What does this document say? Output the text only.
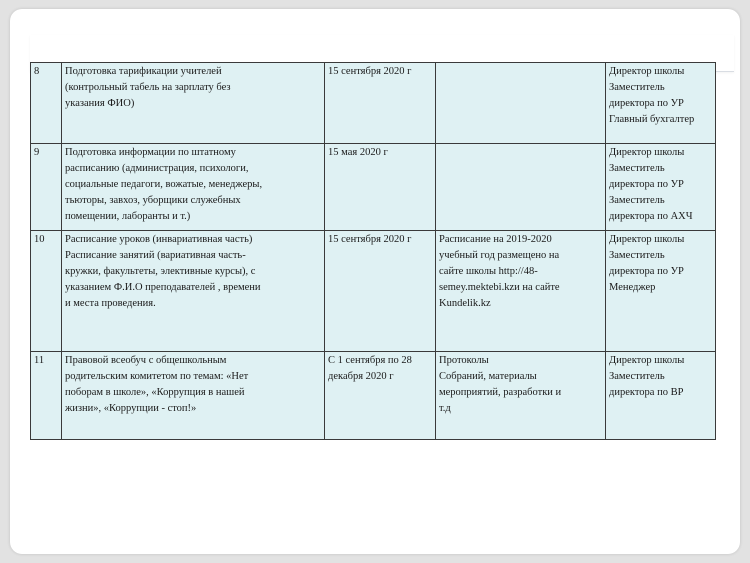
8	Подготовка тарификации учителей
(контрольный табель на зарплату без
указания ФИО)	15 сентября 2020 г		Директор школы
Заместитель
директора по УР
Главный бухгалтер
9	Подготовка информации по штатному
расписанию (администрация, психологи,
социальные педагоги, вожатые, менеджеры,
тьюторы, завхоз, уборщики служебных
помещении, лаборанты и т.)	15 мая 2020 г		Директор школы
Заместитель
директора по УР
Заместитель
директора по АХЧ
10	Расписание уроков (инвариативная часть)
Расписание занятий (вариативная часть-
кружки, факультеты, элективные курсы), с
указанием Ф.И.О преподавателей , времени
и места проведения.	15 сентября 2020 г	Расписание на 2019-2020
учебный год размещено на
сайте школы http://48-
semey.mektebi.kzи на сайте
Kundelik.kz	Директор школы
Заместитель
директора по УР
Менеджер
11	Правовой всеобуч с общешкольным
родительским комитетом по темам: «Нет
поборам в школе», «Коррупция в нашей
жизни», «Коррупции - стоп!»	С 1 сентября по 28
декабря 2020 г	Протоколы
Собраний, материалы
мероприятий, разработки и
т.д	Директор школы
Заместитель
директора по ВР
